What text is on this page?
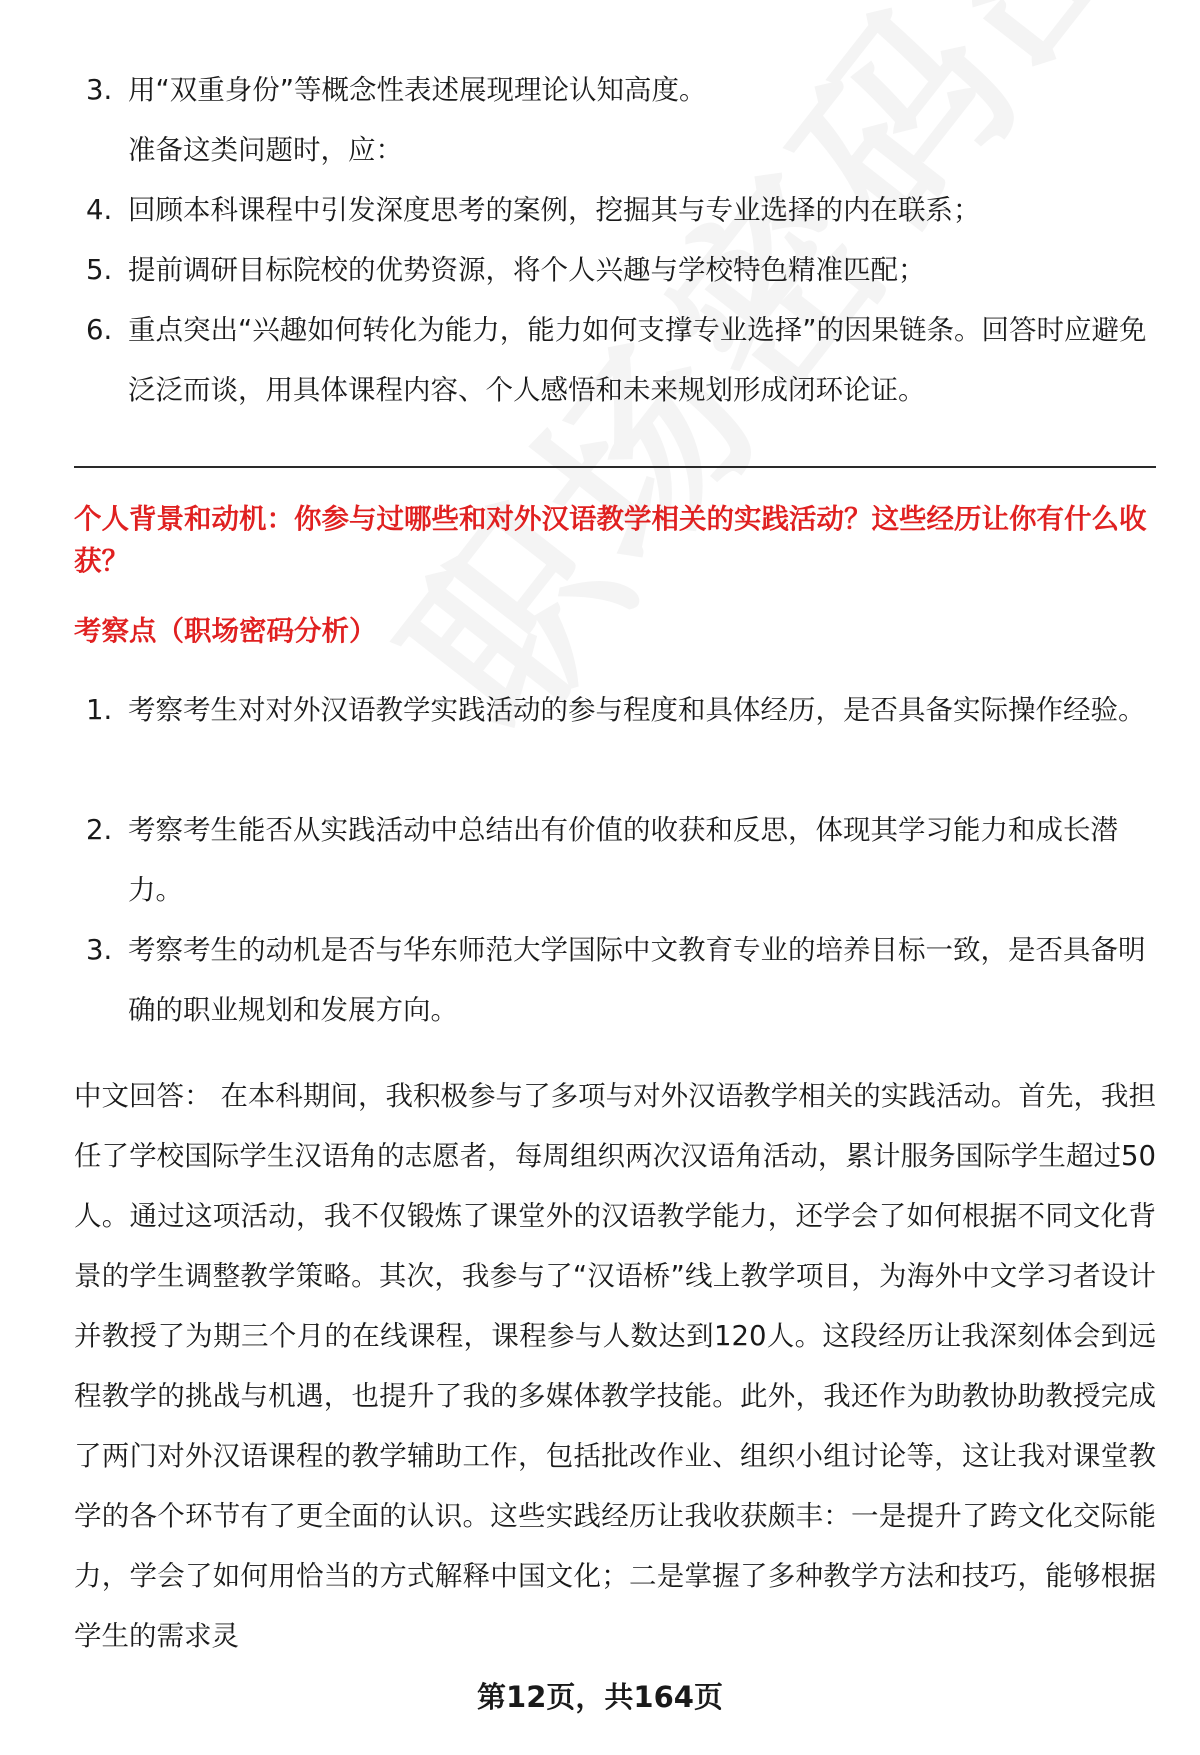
3. 用“双重身份”等概念性表述展现理论认知高度。
准备这类问题时，应：
4. 回顾本科课程中引发深度思考的案例，挖掘其与专业选择的内在联系；
5. 提前调研目标院校的优势资源，将个人兴趣与学校特色精准匹配；
6. 重点突出“兴趣如何转化为能力，能力如何支撑专业选择”的因果链条。回答时应避免泛泛而谈，用具体课程内容、个人感悟和未来规划形成闭环论证。
个人背景和动机：你参与过哪些和对外汉语教学相关的实践活动？这些经历让你有什么收获？
考察点（职场密码分析）
1. 考察考生对对外汉语教学实践活动的参与程度和具体经历，是否具备实际操作经验。
2. 考察考生能否从实践活动中总结出有价值的收获和反思，体现其学习能力和成长潜力。
3. 考察考生的动机是否与华东师范大学国际中文教育专业的培养目标一致，是否具备明确的职业规划和发展方向。
中文回答： 在本科期间，我积极参与了多项与对外汉语教学相关的实践活动。首先，我担任了学校国际学生汉语角的志愿者，每周组织两次汉语角活动，累计服务国际学生超过50人。通过这项活动，我不仅锻炼了课堂外的汉语教学能力，还学会了如何根据不同文化背景的学生调整教学策略。其次，我参与了“汉语桥”线上教学项目，为海外中文学习者设计并教授了为期三个月的在线课程，课程参与人数达到120人。这段经历让我深刻体会到远程教学的挑战与机遇，也提升了我的多媒体教学技能。此外，我还作为助教协助教授完成了两门对外汉语课程的教学辅助工作，包括批改作业、组织小组讨论等，这让我对课堂教学的各个环节有了更全面的认识。这些实践经历让我收获颇丰：一是提升了跨文化交际能力，学会了如何用恰当的方式解释中国文化；二是掌握了多种教学方法和技巧，能够根据学生的需求灵
第12页，共164页
